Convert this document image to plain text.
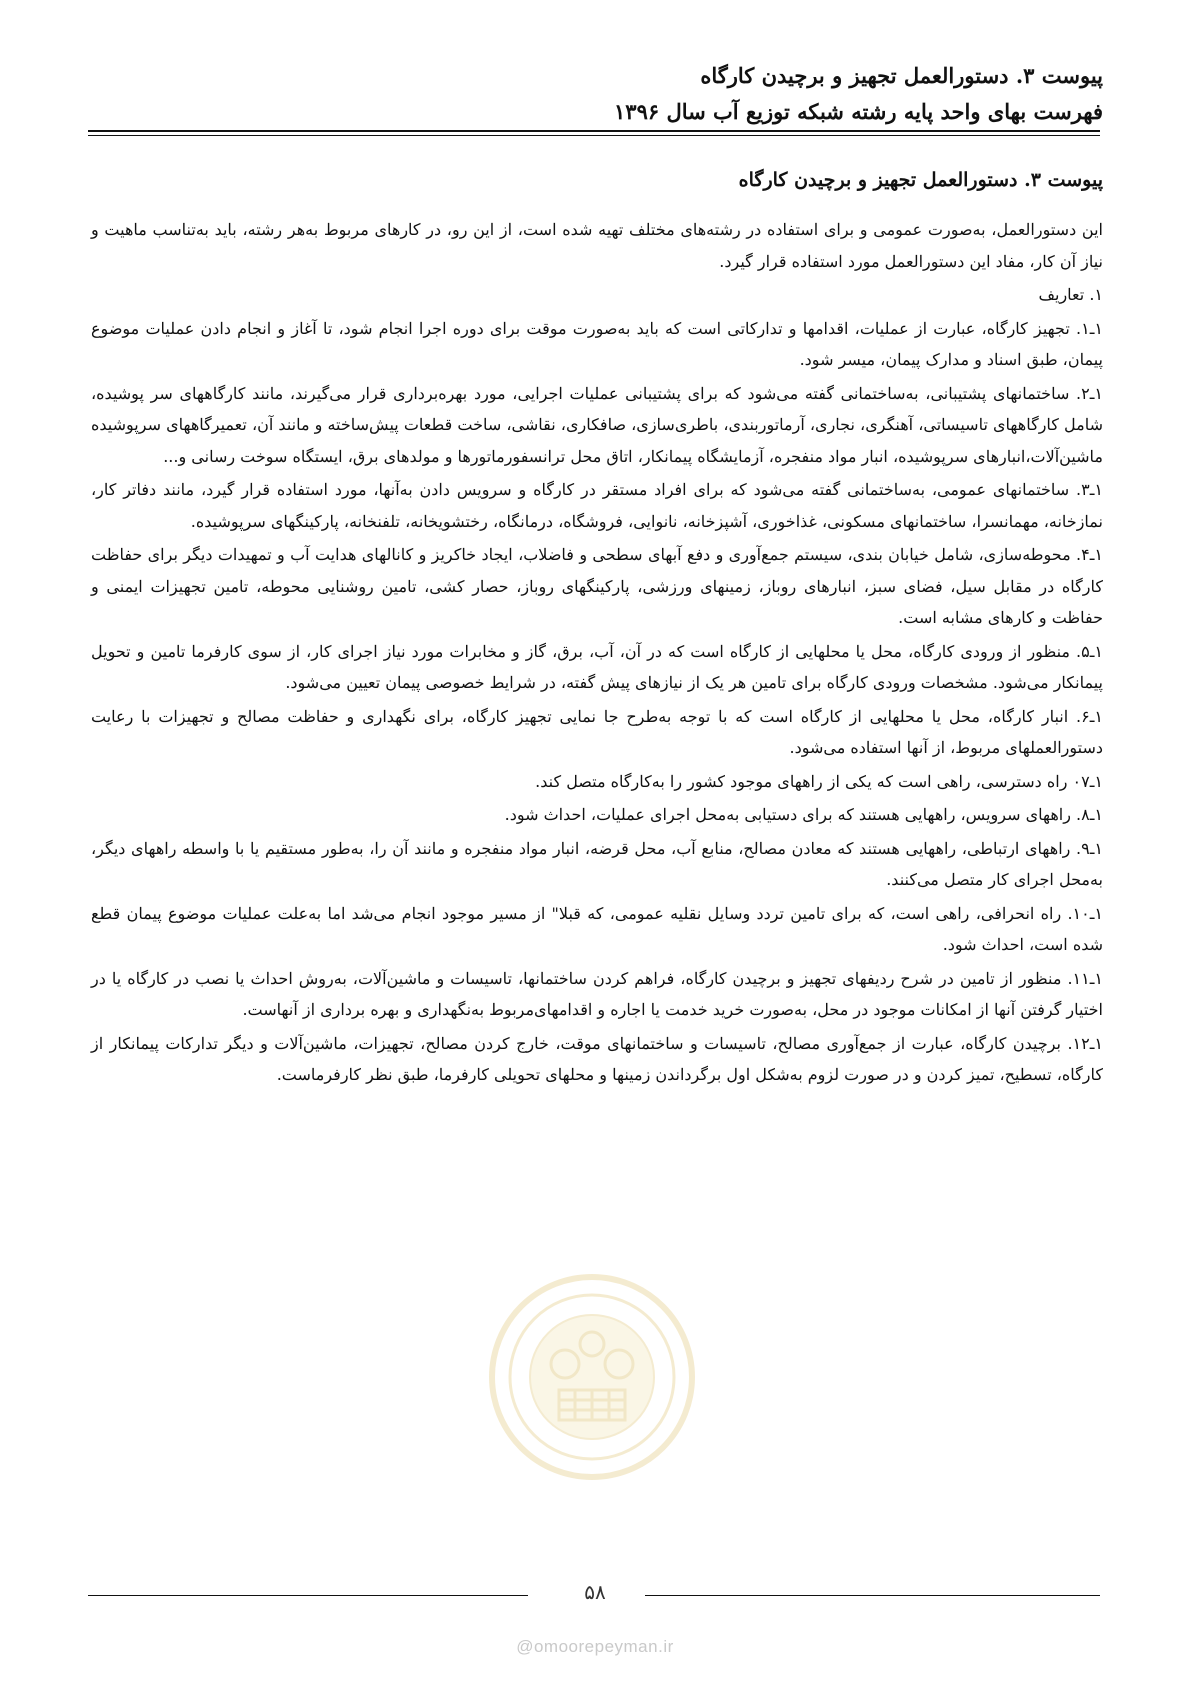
پیوست ۳. دستورالعمل تجهیز و برچیدن کارگاه
فهرست بهای واحد پایه رشته شبکه توزیع آب سال ۱۳۹۶
پیوست ۳. دستورالعمل تجهیز و برچیدن کارگاه

این دستورالعمل، به‌صورت عمومی و برای استفاده در رشته‌های مختلف تهیه شده است، از این رو، در کارهای مربوط به‌هر رشته، باید به‌تناسب ماهیت و نیاز آن کار، مفاد این دستورالعمل مورد استفاده قرار گیرد.

۱. تعاریف

۱ـ۱. تجهیز کارگاه، عبارت از عملیات، اقدامها و تدارکاتی است که باید به‌صورت موقت برای دوره اجرا انجام شود، تا آغاز و انجام دادن عملیات موضوع پیمان، طبق اسناد و مدارک پیمان، میسر شود.

۱ـ۲. ساختمانهای پشتیبانی، به‌ساختمانی گفته می‌شود که برای پشتیبانی عملیات اجرایی، مورد بهره‌برداری قرار می‌گیرند، مانند کارگاههای سر پوشیده، شامل کارگاههای تاسیساتی، آهنگری، نجاری، آرماتوربندی، باطری‌سازی، صافکاری، نقاشی، ساخت قطعات پیش‌ساخته و مانند آن، تعمیرگاههای سرپوشیده ماشین‌آلات،انبارهای سرپوشیده، انبار مواد منفجره، آزمایشگاه پیمانکار، اتاق محل ترانسفورماتورها و مولدهای برق، ایستگاه سوخت رسانی و...

۱ـ۳. ساختمانهای عمومی، به‌ساختمانی گفته می‌شود که برای افراد مستقر در کارگاه و سرویس دادن به‌آنها، مورد استفاده قرار گیرد، مانند دفاتر کار، نمازخانه، مهمانسرا، ساختمانهای مسکونی، غذاخوری، آشپزخانه، نانوایی، فروشگاه، درمانگاه، رختشویخانه، تلفنخانه، پارکینگهای سرپوشیده.

۱ـ۴. محوطه‌سازی، شامل خیابان بندی، سیستم جمع‌آوری و دفع آبهای سطحی و فاضلاب، ایجاد خاکریز و کانالهای هدایت آب و تمهیدات دیگر برای حفاظت کارگاه در مقابل سیل، فضای سبز، انبارهای روباز، زمینهای ورزشی، پارکینگهای روباز، حصار کشی، تامین روشنایی محوطه، تامین تجهیزات ایمنی و حفاظت و کارهای مشابه است.

۱ـ۵. منظور از ورودی کارگاه، محل یا محلهایی از کارگاه است که در آن، آب، برق، گاز و مخابرات مورد نیاز اجرای کار، از سوی کارفرما تامین و تحویل پیمانکار می‌شود. مشخصات ورودی کارگاه برای تامین هر یک از نیازهای پیش گفته، در شرایط خصوصی پیمان تعیین می‌شود.

۱ـ۶. انبار کارگاه، محل یا محلهایی از کارگاه است که با توجه به‌طرح جا نمایی تجهیز کارگاه، برای نگهداری و حفاظت مصالح و تجهیزات با رعایت دستورالعملهای مربوط، از آنها استفاده می‌شود.

۱ـ۰۷ راه دسترسی، راهی است که یکی از راههای موجود کشور را به‌کارگاه متصل کند.

۱ـ۸. راههای سرویس، راههایی هستند که برای دستیابی به‌محل اجرای عملیات، احداث شود.

۱ـ۹. راههای ارتباطی، راههایی هستند که معادن مصالح، منابع آب، محل قرضه، انبار مواد منفجره و مانند آن را، به‌طور مستقیم یا با واسطه راههای دیگر، به‌محل اجرای کار متصل می‌کنند.

۱ـ۱۰. راه انحرافی، راهی است، که برای تامین تردد وسایل نقلیه عمومی، که قبلا" از مسیر موجود انجام می‌شد اما به‌علت عملیات موضوع پیمان قطع شده است، احداث شود.

۱ـ۱۱. منظور از تامین در شرح ردیفهای تجهیز و برچیدن کارگاه، فراهم کردن ساختمانها، تاسیسات و ماشین‌آلات، به‌روش احداث یا نصب در کارگاه یا در اختیار گرفتن آنها از امکانات موجود در محل، به‌صورت خرید خدمت یا اجاره و اقدامهای‌مربوط به‌نگهداری و بهره برداری از آنهاست.

۱ـ۱۲. برچیدن کارگاه، عبارت از جمع‌آوری مصالح، تاسیسات و ساختمانهای موقت، خارج کردن مصالح، تجهیزات، ماشین‌آلات و دیگر تدارکات پیمانکار از کارگاه، تسطیح، تمیز کردن و در صورت لزوم به‌شکل اول برگرداندن زمینها و محلهای تحویلی کارفرما، طبق نظر کارفرماست.

۵۸
@omoorepeyman.ir
